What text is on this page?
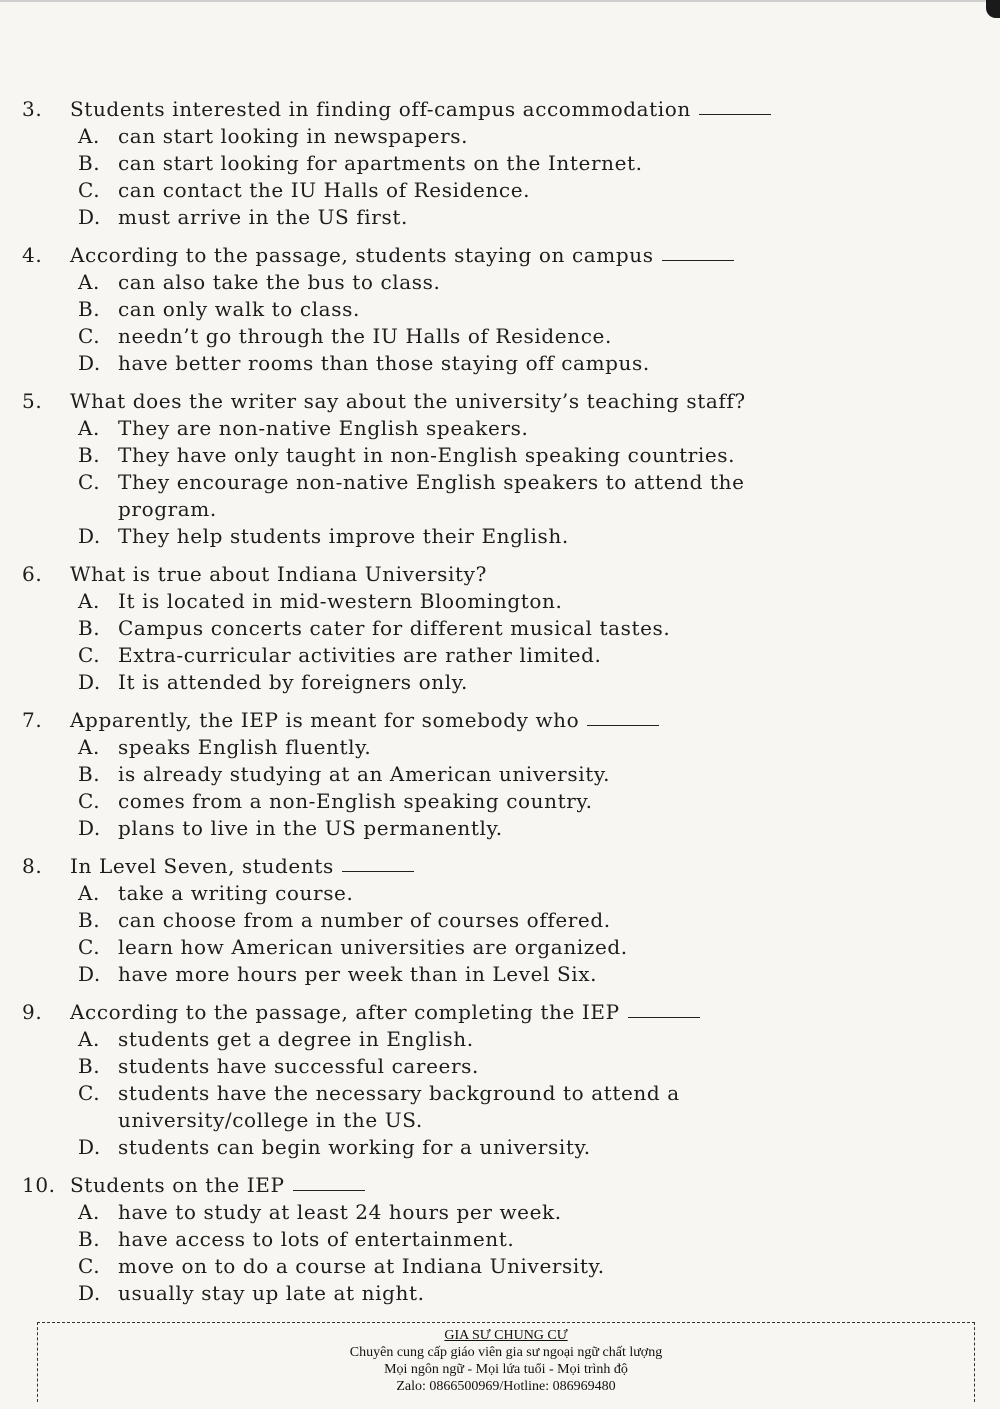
3.	Students interested in finding off-campus accommodation
A. can start looking in newspapers.
B. can start looking for apartments on the Internet.
C. can contact the IU Halls of Residence.
D. must arrive in the US first.
4.	According to the passage, students staying on campus
A. can also take the bus to class.
B. can only walk to class.
C. needn’t go through the IU Halls of Residence.
D. have better rooms than those staying off campus.
5.	What does the writer say about the university’s teaching staff?
A. They are non-native English speakers.
B. They have only taught in non-English speaking countries.
C. They encourage non-native English speakers to attend the program.
D. They help students improve their English.
6.	What is true about Indiana University?
A. It is located in mid-western Bloomington.
B. Campus concerts cater for different musical tastes.
C. Extra-curricular activities are rather limited.
D. It is attended by foreigners only.
7.	Apparently, the IEP is meant for somebody who
A. speaks English fluently.
B. is already studying at an American university.
C. comes from a non-English speaking country.
D. plans to live in the US permanently.
8.	In Level Seven, students
A. take a writing course.
B. can choose from a number of courses offered.
C. learn how American universities are organized.
D. have more hours per week than in Level Six.
9.	According to the passage, after completing the IEP
A. students get a degree in English.
B. students have successful careers.
C. students have the necessary background to attend a university/college in the US.
D. students can begin working for a university.
10. Students on the IEP
A. have to study at least 24 hours per week.
B. have access to lots of entertainment.
C. move on to do a course at Indiana University.
D. usually stay up late at night.
GIA SƯ CHUNG CƯ
Chuyên cung cấp giáo viên gia sư ngoại ngữ chất lượng
Mọi ngôn ngữ - Mọi lứa tuổi - Mọi trình độ
Zalo: 0866500969/Hotline: 086969480
